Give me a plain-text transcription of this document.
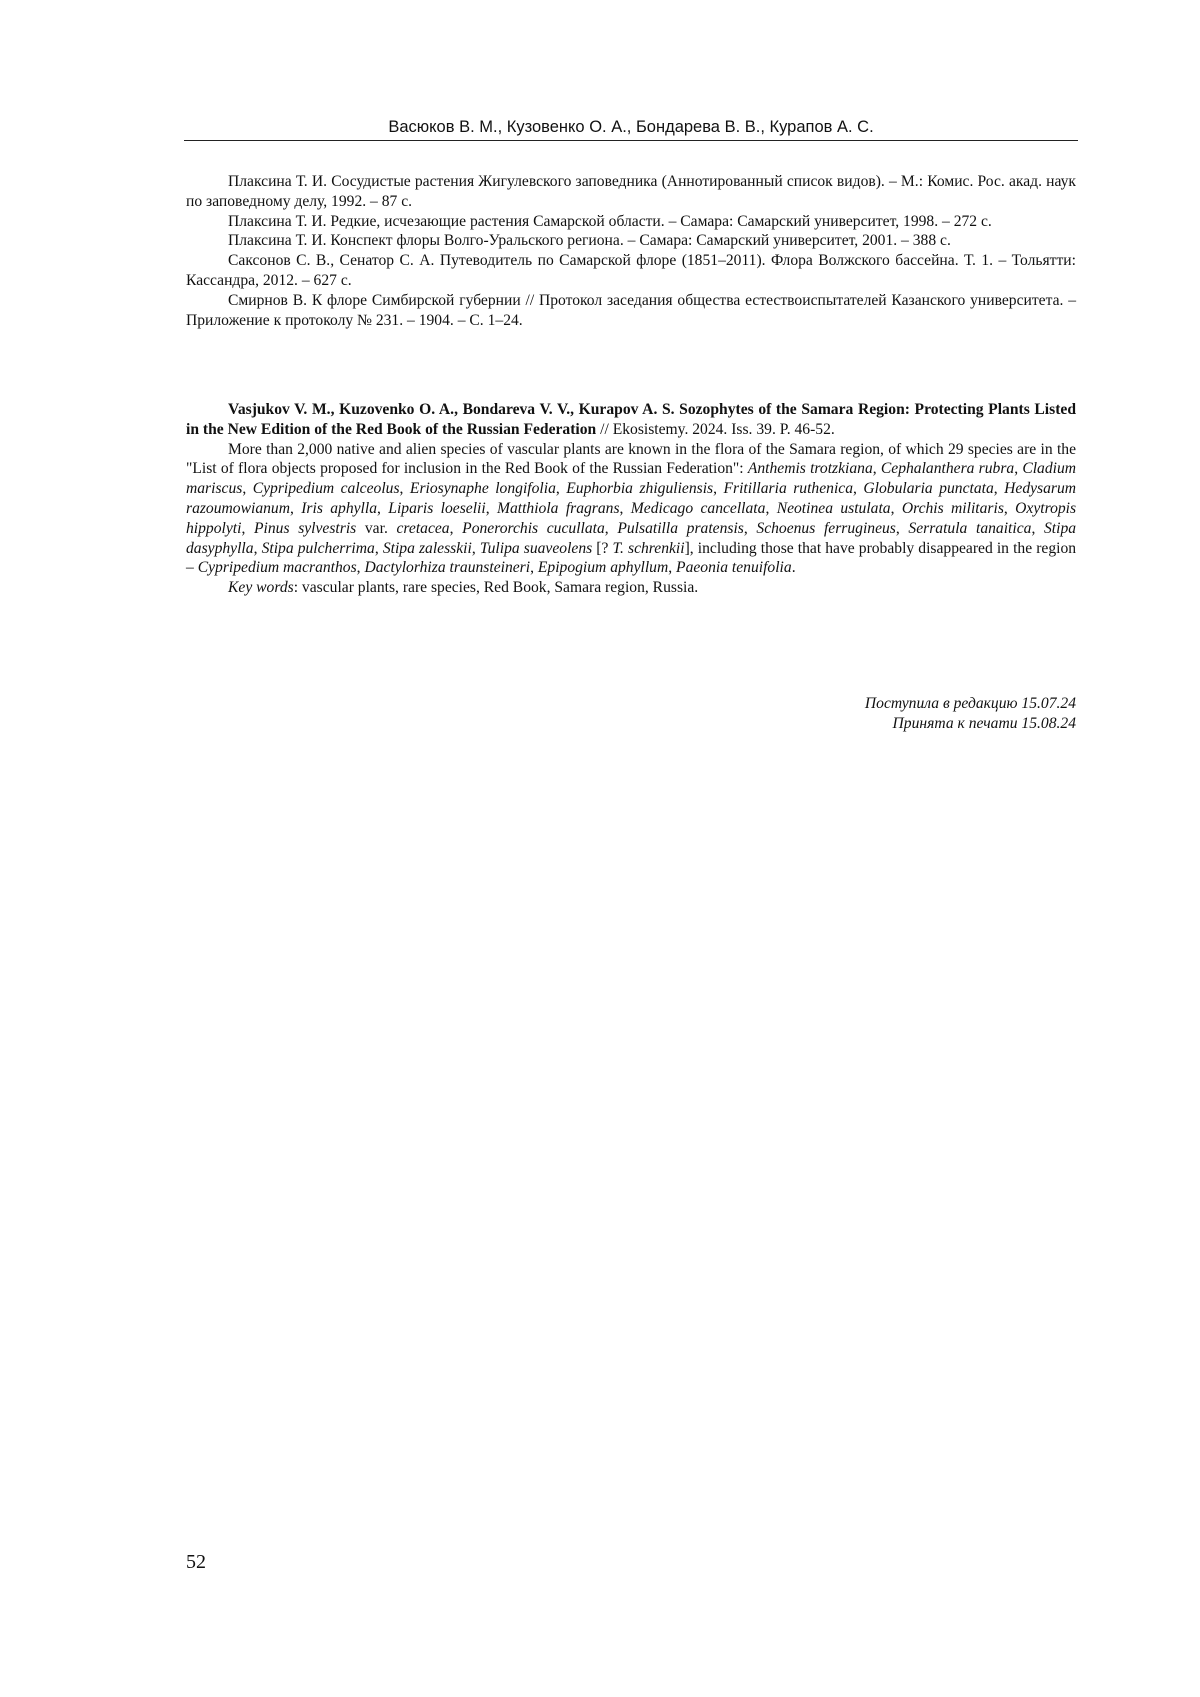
Васюков В. М., Кузовенко О. А., Бондарева В. В., Курапов А. С.

Плаксина Т. И. Сосудистые растения Жигулевского заповедника (Аннотированный список видов). – М.: Комис. Рос. акад. наук по заповедному делу, 1992. – 87 с.

Плаксина Т. И. Редкие, исчезающие растения Самарской области. – Самара: Самарский университет, 1998. – 272 с.

Плаксина Т. И. Конспект флоры Волго-Уральского региона. – Самара: Самарский университет, 2001. – 388 с.

Саксонов С. В., Сенатор С. А. Путеводитель по Самарской флоре (1851–2011). Флора Волжского бассейна. Т. 1. – Тольятти: Кассандра, 2012. – 627 с.

Смирнов В. К флоре Симбирской губернии // Протокол заседания общества естествоиспытателей Казанского университета. – Приложение к протоколу № 231. – 1904. – С. 1–24.

Vasjukov V. M., Kuzovenko O. A., Bondareva V. V., Kurapov A. S. Sozophytes of the Samara Region: Protecting Plants Listed in the New Edition of the Red Book of the Russian Federation // Ekosistemy. 2024. Iss. 39. P. 46-52.

More than 2,000 native and alien species of vascular plants are known in the flora of the Samara region, of which 29 species are in the "List of flora objects proposed for inclusion in the Red Book of the Russian Federation": Anthemis trotzkiana, Cephalanthera rubra, Cladium mariscus, Cypripedium calceolus, Eriosynaphe longifolia, Euphorbia zhiguliensis, Fritillaria ruthenica, Globularia punctata, Hedysarum razoumowianum, Iris aphylla, Liparis loeselii, Matthiola fragrans, Medicago cancellata, Neotinea ustulata, Orchis militaris, Oxytropis hippolyti, Pinus sylvestris var. cretacea, Ponerorchis cucullata, Pulsatilla pratensis, Schoenus ferrugineus, Serratula tanaitica, Stipa dasyphylla, Stipa pulcherrima, Stipa zalesskii, Tulipa suaveolens [? T. schrenkii], including those that have probably disappeared in the region – Cypripedium macranthos, Dactylorhiza traunsteineri, Epipogium aphyllum, Paeonia tenuifolia.

Key words: vascular plants, rare species, Red Book, Samara region, Russia.

Поступила в редакцию 15.07.24
Принята к печати 15.08.24
52
